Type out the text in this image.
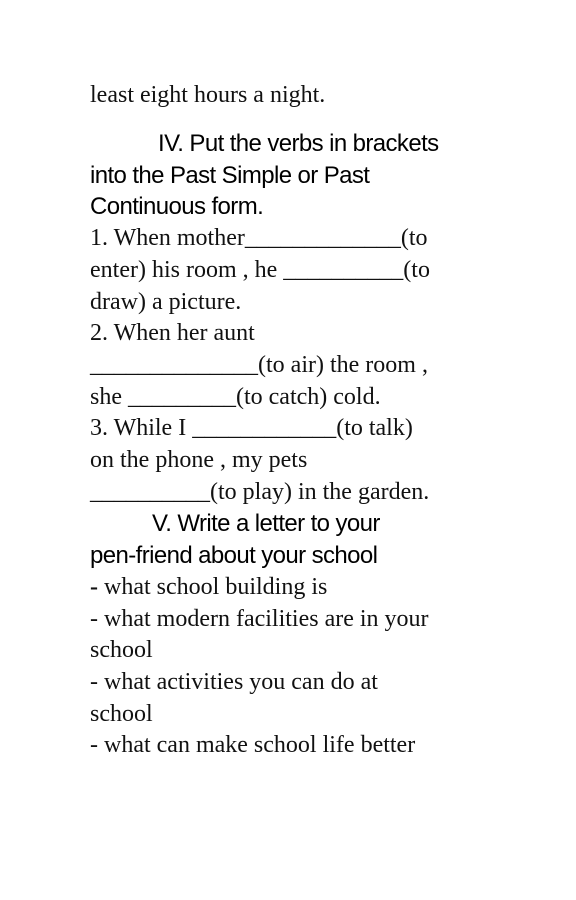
least eight hours a night.

IV. Put the verbs in brackets

into the Past Simple or Past

Continuous form.

1. When mother_____________(to

enter) his room , he __________(to

draw) a picture.

2. When her aunt

______________(to air) the room ,

she _________(to catch) cold.

3. While I ____________(to talk)

on the phone , my pets

__________(to play) in the garden.

V. Write a letter to your

pen-friend about your school

- what school building is

- what modern facilities are in your

school

- what activities you can do at

school

- what can make school life better
